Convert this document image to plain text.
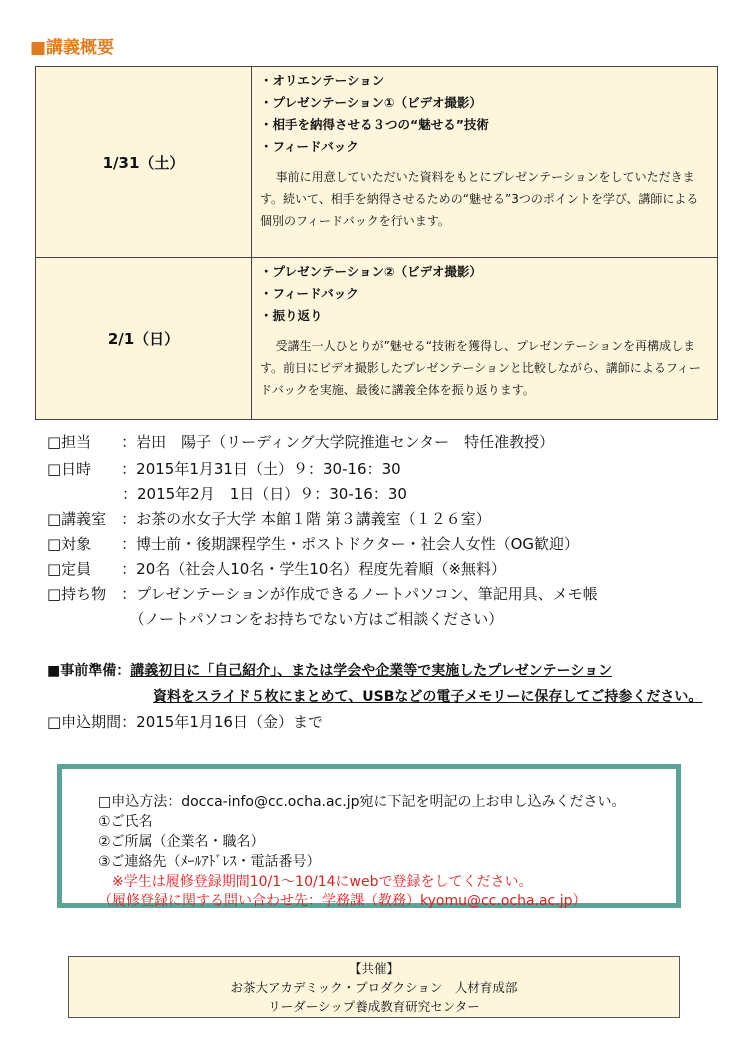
■講義概要
1/31（土）	・オリエンテーション
・プレゼンテーション①（ビデオ撮影）
・相手を納得させる３つの“魅せる”技術
・フィードバック
事前に用意していただいた資料をもとにプレゼンテーションをしていただきます。続いて、相手を納得させるための“魅せる”3つのポイントを学び、講師による個別のフィードバックを行います。

2/1（日）	・プレゼンテーション②（ビデオ撮影）
・フィードバック
・振り返り
受講生一人ひとりが”魅せる“技術を獲得し、プレゼンテーションを再構成します。前日にビデオ撮影したプレゼンテーションと比較しながら、講師によるフィードバックを実施、最後に講義全体を振り返ります。
□担当　　：岩田　陽子（リーディング大学院推進センター　特任准教授）
□日時　　：2015年1月31日（土）９：30-16：30
　　　　　：2015年2月　1日（日）９：30-16：30
□講義室　：お茶の水女子大学 本館１階 第３講義室（１２６室）
□対象　　：博士前・後期課程学生・ポストドクター・社会人女性（OG歓迎）
□定員　　：20名（社会人10名・学生10名）程度先着順（※無料）
□持ち物　：プレゼンテーションが作成できるノートパソコン、筆記用具、メモ帳
　　　　　　（ノートパソコンをお持ちでない方はご相談ください）
■事前準備：講義初日に「自己紹介」、または学会や企業等で実施したプレゼンテーション
資料をスライド５枚にまとめて、USBなどの電子メモリーに保存してご持参ください。
□申込期間：2015年1月16日（金）まで
□申込方法：docca-info@cc.ocha.ac.jp宛に下記を明記の上お申し込みください。
①ご氏名
②ご所属（企業名・職名）
③ご連絡先（ﾒｰﾙｱﾄﾞﾚｽ・電話番号）
　※学生は履修登録期間10/1～10/14にwebで登録をしてください。
（履修登録に関する問い合わせ先：学務課（教務）kyomu@cc.ocha.ac.jp）
【共催】
お茶大アカデミック・プロダクション　人材育成部
リーダーシップ養成教育研究センター
